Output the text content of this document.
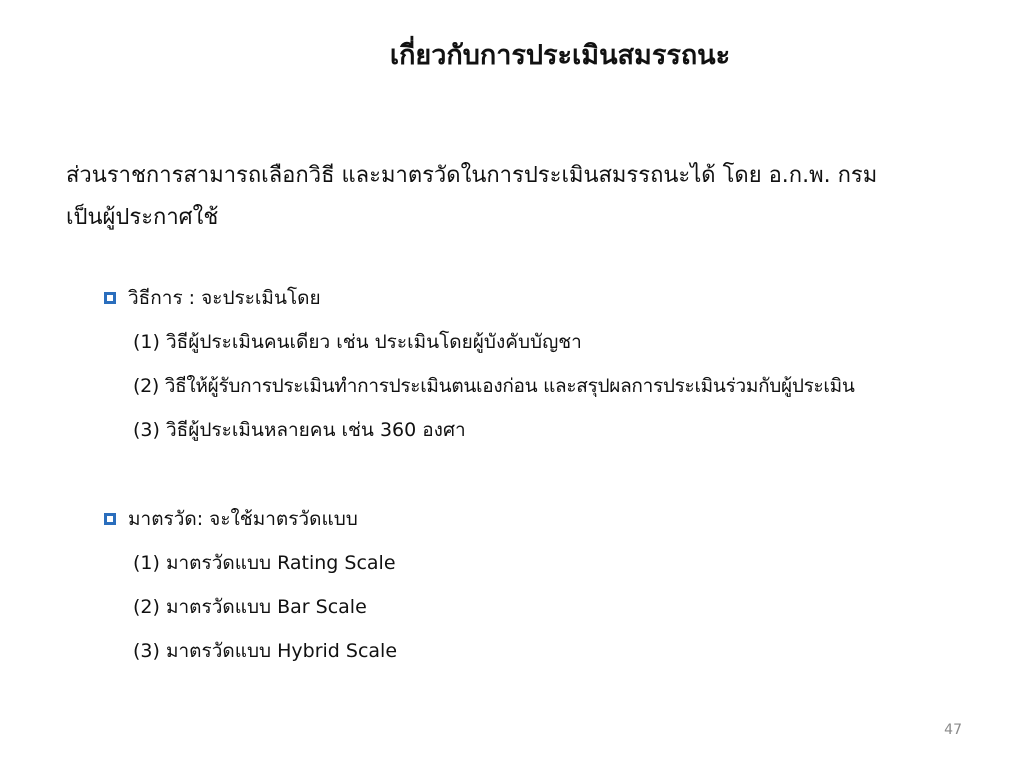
เกี่ยวกับการประเมินสมรรถนะ
ส่วนราชการสามารถเลือกวิธี และมาตรวัดในการประเมินสมรรถนะได้ โดย อ.ก.พ. กรม
เป็นผู้ประกาศใช้
วิธีการ : จะประเมินโดย
(1) วิธีผู้ประเมินคนเดียว เช่น ประเมินโดยผู้บังคับบัญชา
(2) วิธีให้ผู้รับการประเมินทำการประเมินตนเองก่อน และสรุปผลการประเมินร่วมกับผู้ประเมิน
(3) วิธีผู้ประเมินหลายคน เช่น 360 องศา
มาตรวัด: จะใช้มาตรวัดแบบ
(1) มาตรวัดแบบ Rating Scale
(2) มาตรวัดแบบ Bar Scale
(3) มาตรวัดแบบ Hybrid Scale
47
